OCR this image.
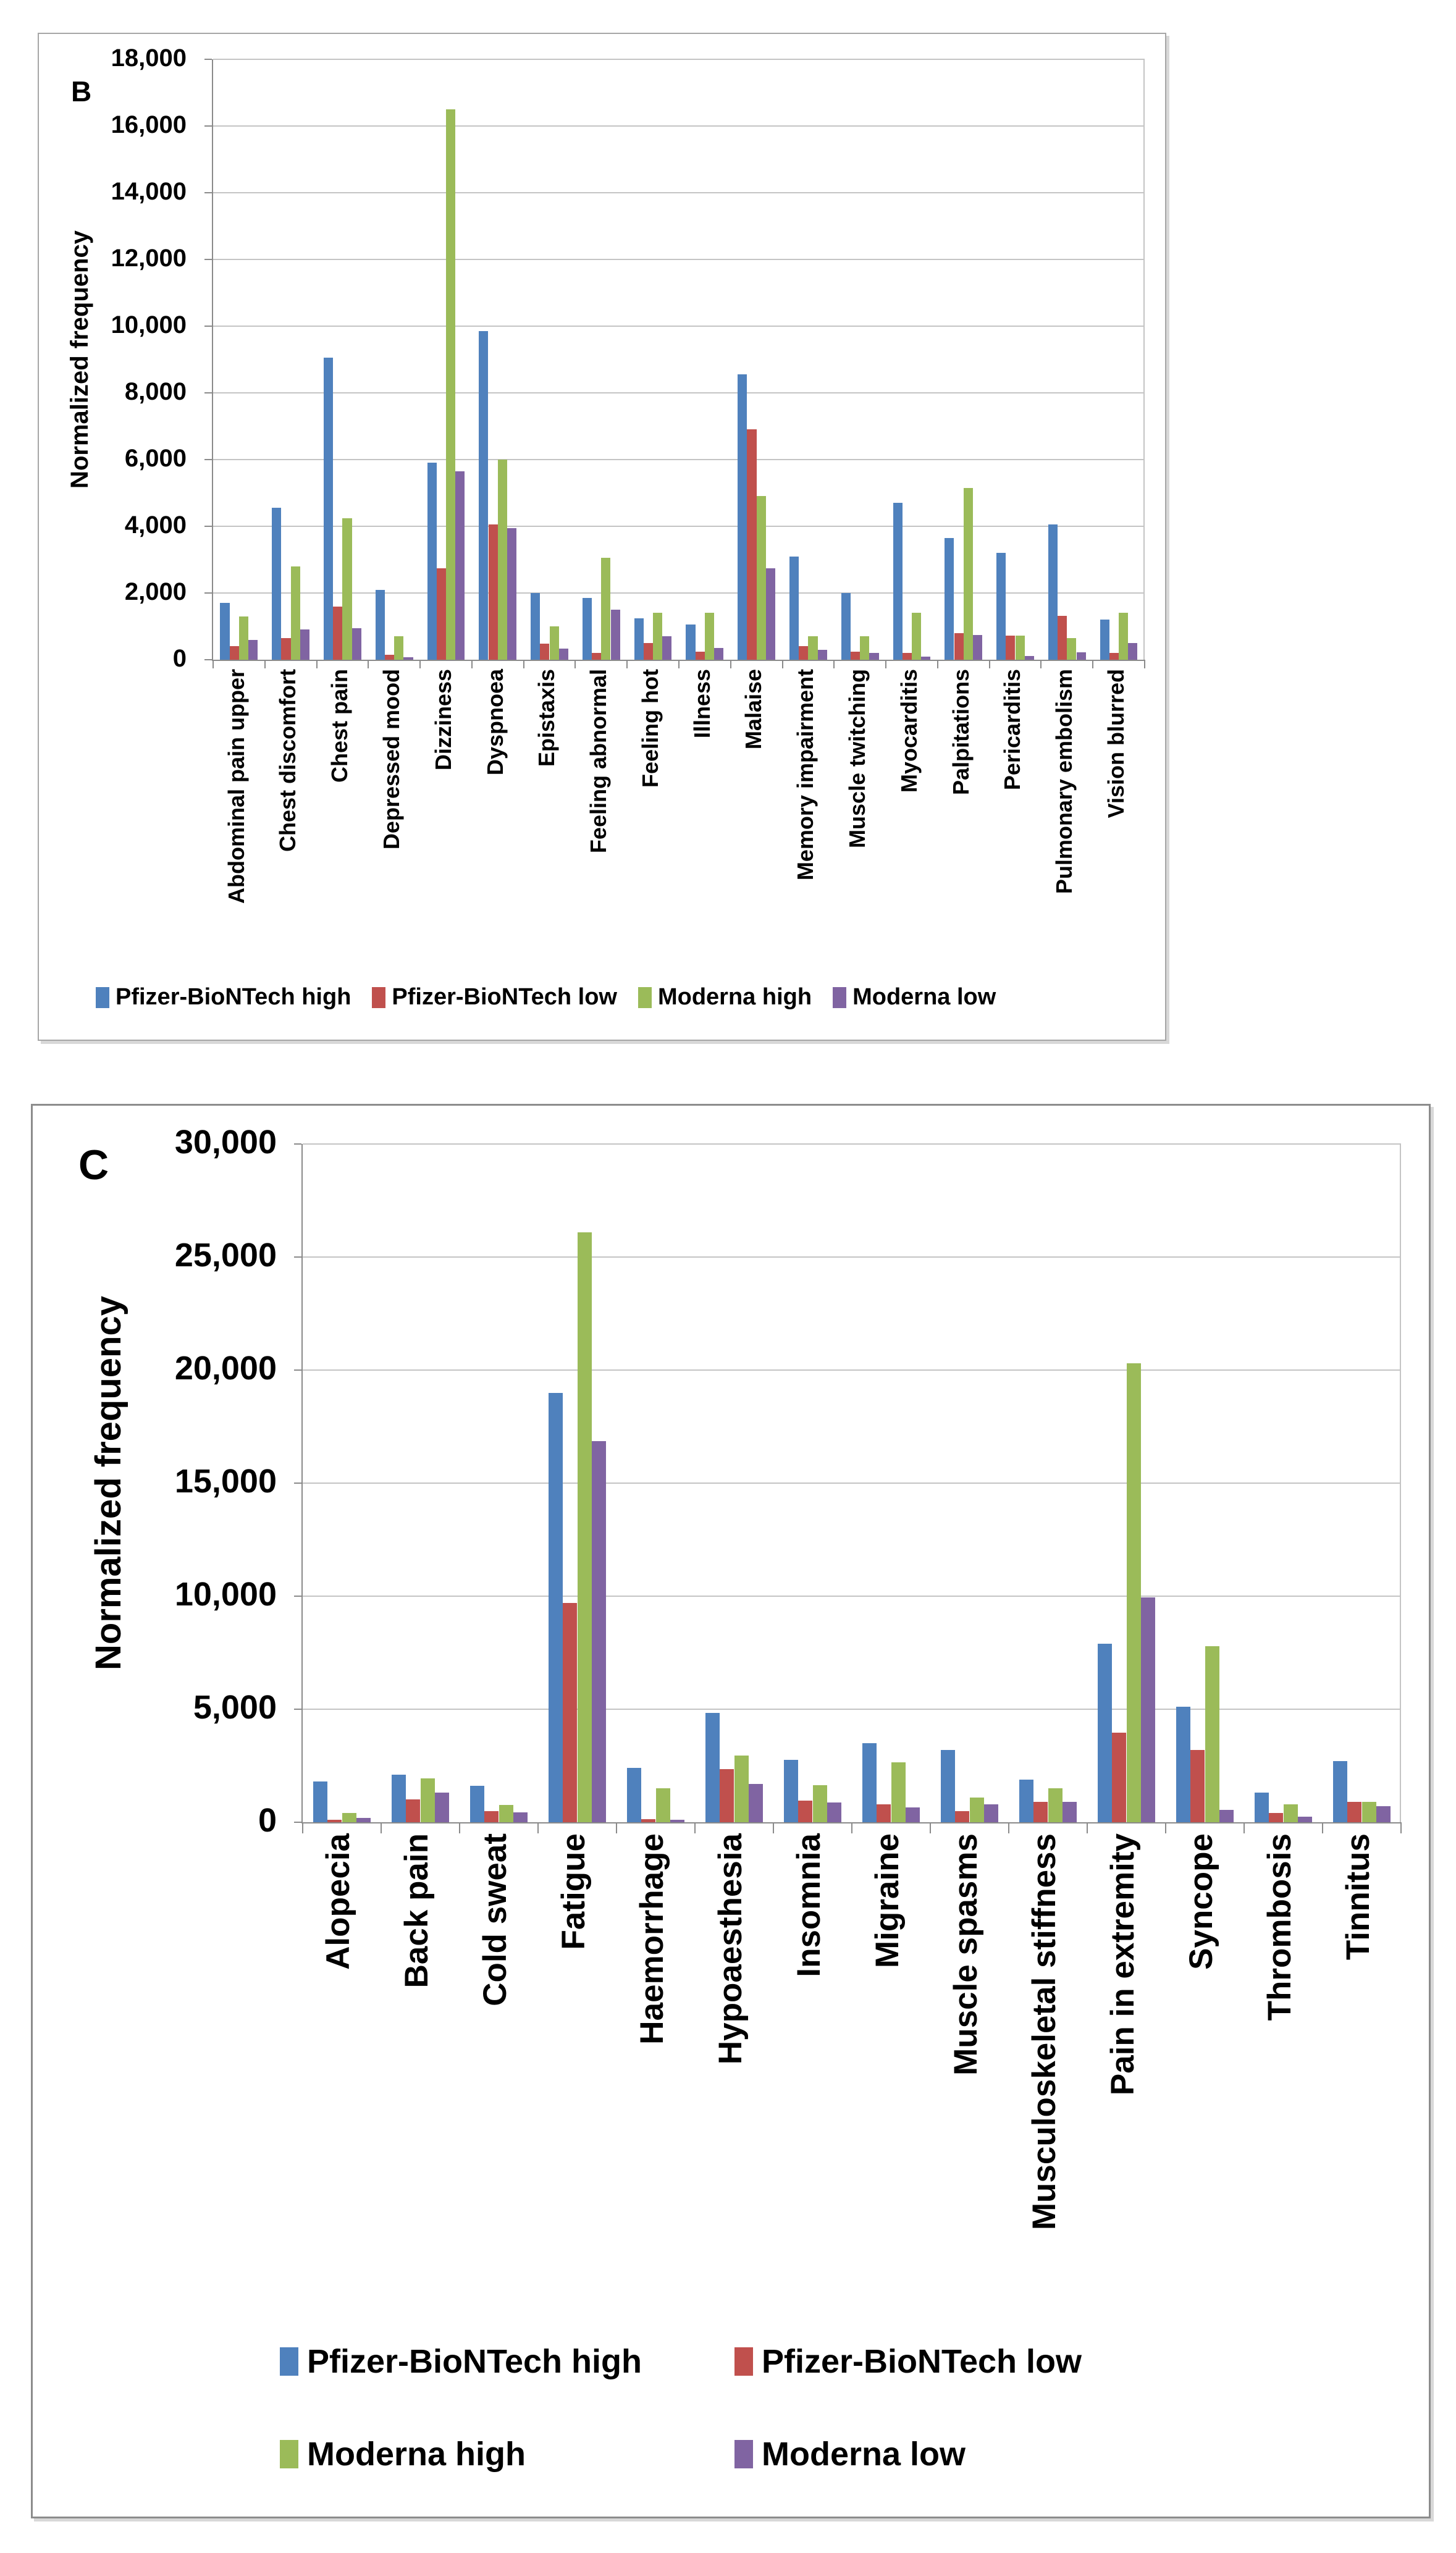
B
Normalized frequency
18,000
16,000
14,000
12,000
10,000
8,000
6,000
4,000
2,000
0
Abdominal pain upper Chest discomfort Chest pain Depressed mood Dizziness Dyspnoea Epistaxis Feeling abnormal Feeling hot Illness Malaise Memory impairment Muscle twitching Myocarditis Palpitations Pericarditis Pulmonary embolism Vision blurred
Pfizer-BioNTech high Pfizer-BioNTech low Moderna high Moderna low
C
Normalized frequency
30,000
25,000
20,000
15,000
10,000
5,000
0
Alopecia Back pain Cold sweat Fatigue Haemorrhage Hypoaesthesia Insomnia Migraine Muscle spasms Musculoskeletal stiffness Pain in extremity Syncope Thrombosis Tinnitus
Pfizer-BioNTech high	Pfizer-BioNTech low
Moderna high	Moderna low
